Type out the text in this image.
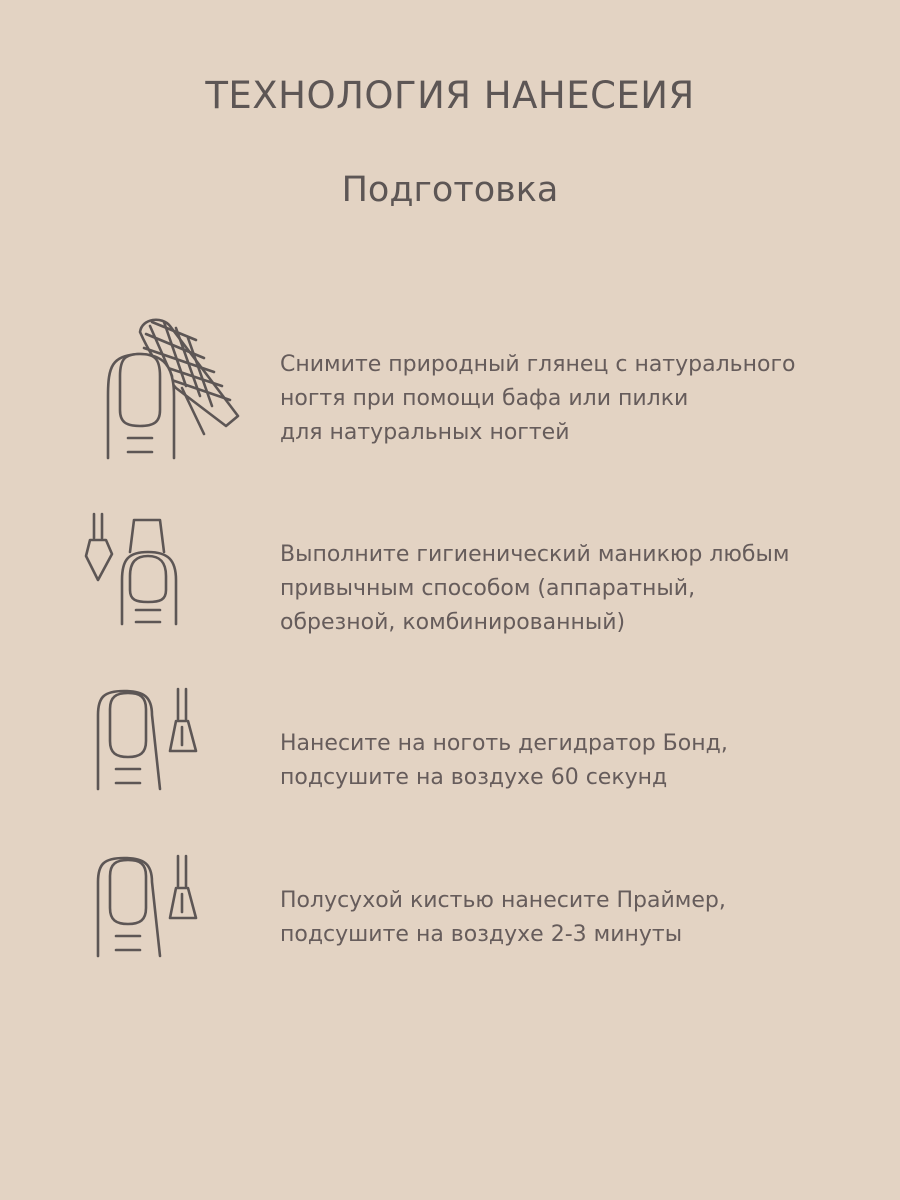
ТЕХНОЛОГИЯ НАНЕСЕИЯ
Подготовка
Снимите природный глянец с натурального
ногтя при помощи бафа или пилки
для натуральных ногтей
Выполните гигиенический маникюр любым
привычным способом (аппаратный,
обрезной, комбинированный)
Нанесите на ноготь дегидратор Бонд,
подсушите на воздухе 60 секунд
Полусухой кистью нанесите Праймер,
подсушите на воздухе 2-3 минуты
